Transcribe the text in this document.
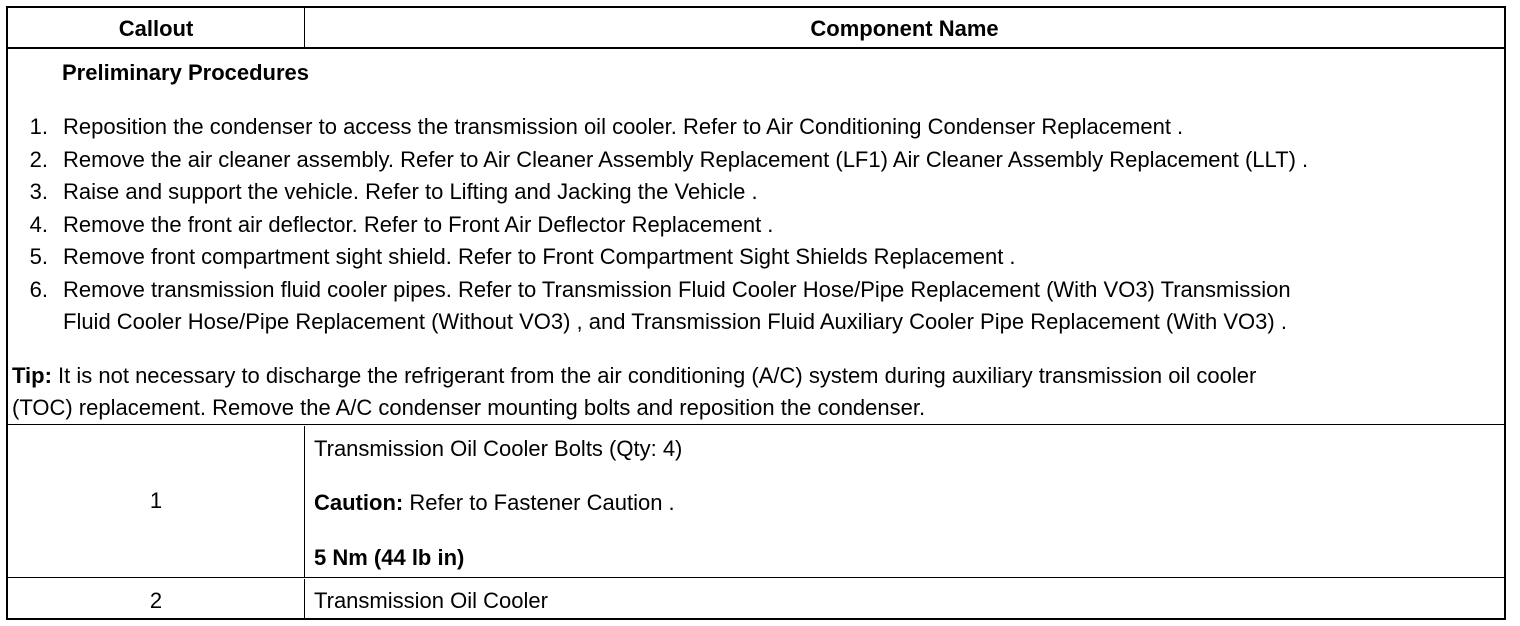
Callout	Component Name
Preliminary Procedures
1. Reposition the condenser to access the transmission oil cooler. Refer to Air Conditioning Condenser Replacement .
2. Remove the air cleaner assembly. Refer to Air Cleaner Assembly Replacement (LF1) Air Cleaner Assembly Replacement (LLT) .
3. Raise and support the vehicle. Refer to Lifting and Jacking the Vehicle .
4. Remove the front air deflector. Refer to Front Air Deflector Replacement .
5. Remove front compartment sight shield. Refer to Front Compartment Sight Shields Replacement .
6. Remove transmission fluid cooler pipes. Refer to Transmission Fluid Cooler Hose/Pipe Replacement (With VO3) Transmission
Fluid Cooler Hose/Pipe Replacement (Without VO3) , and Transmission Fluid Auxiliary Cooler Pipe Replacement (With VO3) .
Tip: It is not necessary to discharge the refrigerant from the air conditioning (A/C) system during auxiliary transmission oil cooler
(TOC) replacement. Remove the A/C condenser mounting bolts and reposition the condenser.
1
Transmission Oil Cooler Bolts (Qty: 4)
Caution: Refer to Fastener Caution .
5 Nm (44 lb in)
2	Transmission Oil Cooler
